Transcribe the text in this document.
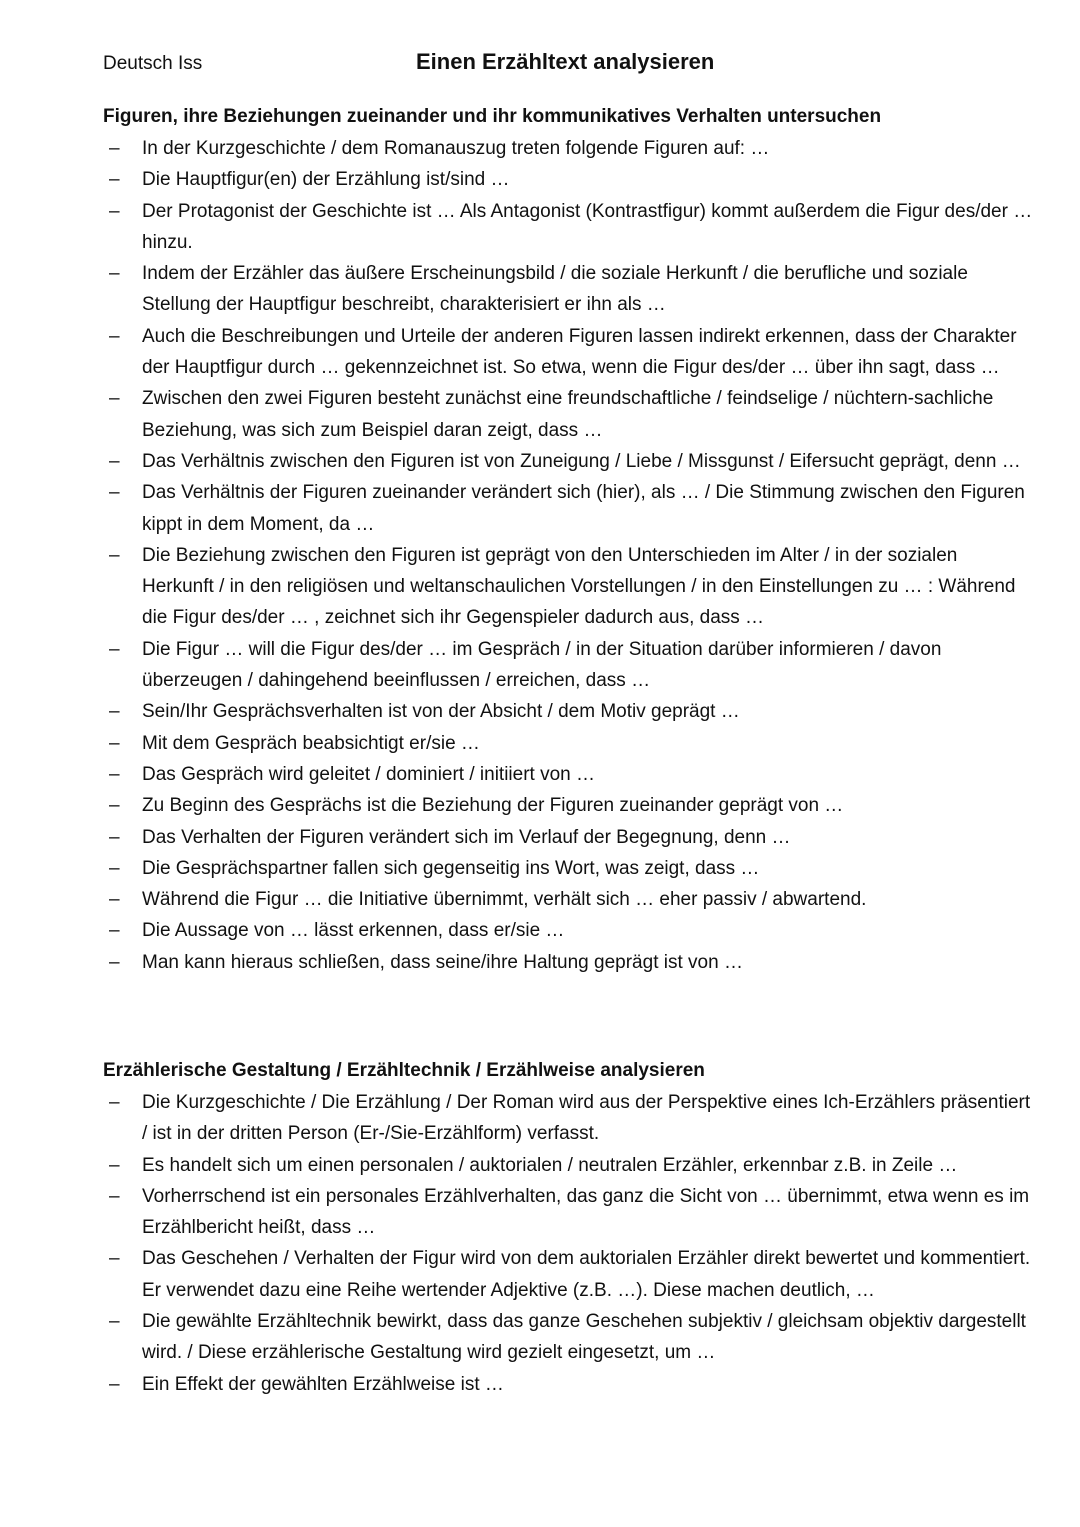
Deutsch Iss	Einen Erzähltext analysieren
Figuren, ihre Beziehungen zueinander und ihr kommunikatives Verhalten untersuchen
– In der Kurzgeschichte / dem Romanauszug treten folgende Figuren auf: …
– Die Hauptfigur(en) der Erzählung ist/sind …
– Der Protagonist der Geschichte ist … Als Antagonist (Kontrastfigur) kommt außerdem die Figur des/der …hinzu.
– Indem der Erzähler das äußere Erscheinungsbild / die soziale Herkunft / die berufliche und soziale Stellung der Hauptfigur beschreibt, charakterisiert er ihn als …
– Auch die Beschreibungen und Urteile der anderen Figuren lassen indirekt erkennen, dass der Charakter der Hauptfigur durch … gekennzeichnet ist. So etwa, wenn die Figur des/der … über ihn sagt, dass …
– Zwischen den zwei Figuren besteht zunächst eine freundschaftliche / feindselige / nüchtern-sachliche Beziehung, was sich zum Beispiel daran zeigt, dass …
– Das Verhältnis zwischen den Figuren ist von Zuneigung / Liebe / Missgunst / Eifersucht geprägt, denn …
– Das Verhältnis der Figuren zueinander verändert sich (hier), als … / Die Stimmung zwischen den Figuren kippt in dem Moment, da …
– Die Beziehung zwischen den Figuren ist geprägt von den Unterschieden im Alter / in der sozialen Herkunft / in den religiösen und weltanschaulichen Vorstellungen / in den Einstellungen zu … : Während die Figur des/der … , zeichnet sich ihr Gegenspieler dadurch aus, dass …
– Die Figur … will die Figur des/der … im Gespräch / in der Situation darüber informieren / davon überzeugen / dahingehend beeinflussen / erreichen, dass …
– Sein/Ihr Gesprächsverhalten ist von der Absicht / dem Motiv geprägt …
– Mit dem Gespräch beabsichtigt er/sie …
– Das Gespräch wird geleitet / dominiert / initiiert von …
– Zu Beginn des Gesprächs ist die Beziehung der Figuren zueinander geprägt von …
– Das Verhalten der Figuren verändert sich im Verlauf der Begegnung, denn …
– Die Gesprächspartner fallen sich gegenseitig ins Wort, was zeigt, dass …
– Während die Figur … die Initiative übernimmt, verhält sich … eher passiv / abwartend.
– Die Aussage von … lässt erkennen, dass er/sie …
– Man kann hieraus schließen, dass seine/ihre Haltung geprägt ist von …
Erzählerische Gestaltung / Erzähltechnik / Erzählweise analysieren
– Die Kurzgeschichte / Die Erzählung / Der Roman wird aus der Perspektive eines Ich-Erzählers präsentiert / ist in der dritten Person (Er-/Sie-Erzählform) verfasst.
– Es handelt sich um einen personalen / auktorialen / neutralen Erzähler, erkennbar z.B. in Zeile …
– Vorherrschend ist ein personales Erzählverhalten, das ganz die Sicht von … übernimmt, etwa wenn es im Erzählbericht heißt, dass …
– Das Geschehen / Verhalten der Figur wird von dem auktorialen Erzähler direkt bewertet und kommentiert. Er verwendet dazu eine Reihe wertender Adjektive (z.B. …). Diese machen deutlich, …
– Die gewählte Erzähltechnik bewirkt, dass das ganze Geschehen subjektiv / gleichsam objektiv dargestellt wird. / Diese erzählerische Gestaltung wird gezielt eingesetzt, um …
– Ein Effekt der gewählten Erzählweise ist …
